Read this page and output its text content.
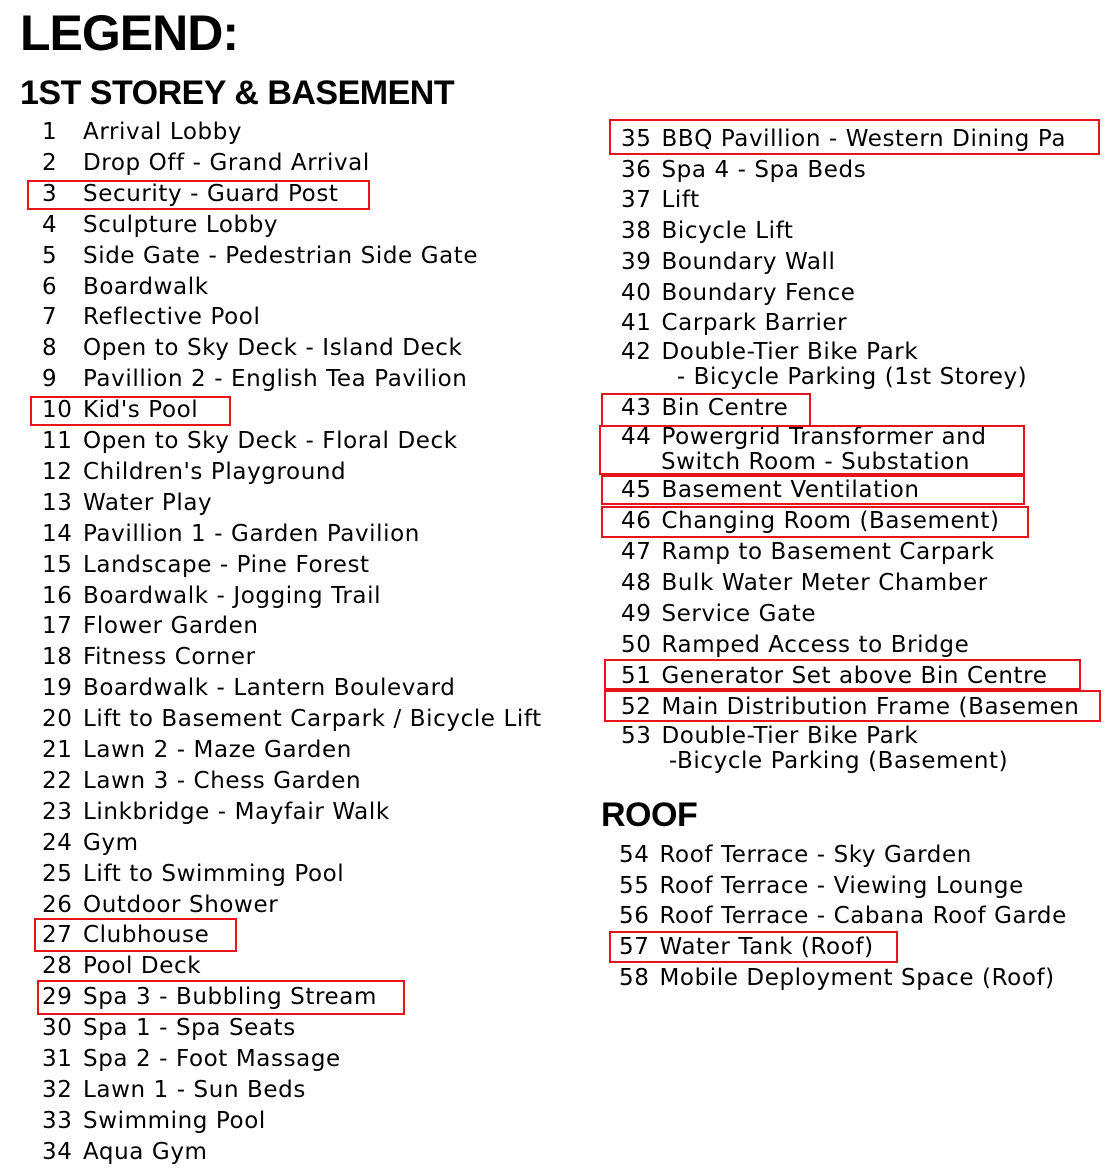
LEGEND:
1ST STOREY & BASEMENT
ROOF
1 Arrival Lobby
2 Drop Off - Grand Arrival
3 Security - Guard Post
4 Sculpture Lobby
5 Side Gate - Pedestrian Side Gate
6 Boardwalk
7 Reflective Pool
8 Open to Sky Deck - Island Deck
9 Pavillion 2 - English Tea Pavilion
10 Kid's Pool
11 Open to Sky Deck - Floral Deck
12 Children's Playground
13 Water Play
14 Pavillion 1 - Garden Pavilion
15 Landscape - Pine Forest
16 Boardwalk - Jogging Trail
17 Flower Garden
18 Fitness Corner
19 Boardwalk - Lantern Boulevard
20 Lift to Basement Carpark / Bicycle Lift
21 Lawn 2 - Maze Garden
22 Lawn 3 - Chess Garden
23 Linkbridge - Mayfair Walk
24 Gym
25 Lift to Swimming Pool
26 Outdoor Shower
27 Clubhouse
28 Pool Deck
29 Spa 3 - Bubbling Stream
30 Spa 1 - Spa Seats
31 Spa 2 - Foot Massage
32 Lawn 1 - Sun Beds
33 Swimming Pool
34 Aqua Gym
35 BBQ Pavillion - Western Dining Pa
36 Spa 4 - Spa Beds
37 Lift
38 Bicycle Lift
39 Boundary Wall
40 Boundary Fence
41 Carpark Barrier
42 Double-Tier Bike Park
- Bicycle Parking (1st Storey)
43 Bin Centre
44 Powergrid Transformer and
Switch Room - Substation
45 Basement Ventilation
46 Changing Room (Basement)
47 Ramp to Basement Carpark
48 Bulk Water Meter Chamber
49 Service Gate
50 Ramped Access to Bridge
51 Generator Set above Bin Centre
52 Main Distribution Frame (Basemen
53 Double-Tier Bike Park
-Bicycle Parking (Basement)
54 Roof Terrace - Sky Garden
55 Roof Terrace - Viewing Lounge
56 Roof Terrace - Cabana Roof Garde
57 Water Tank (Roof)
58 Mobile Deployment Space (Roof)
